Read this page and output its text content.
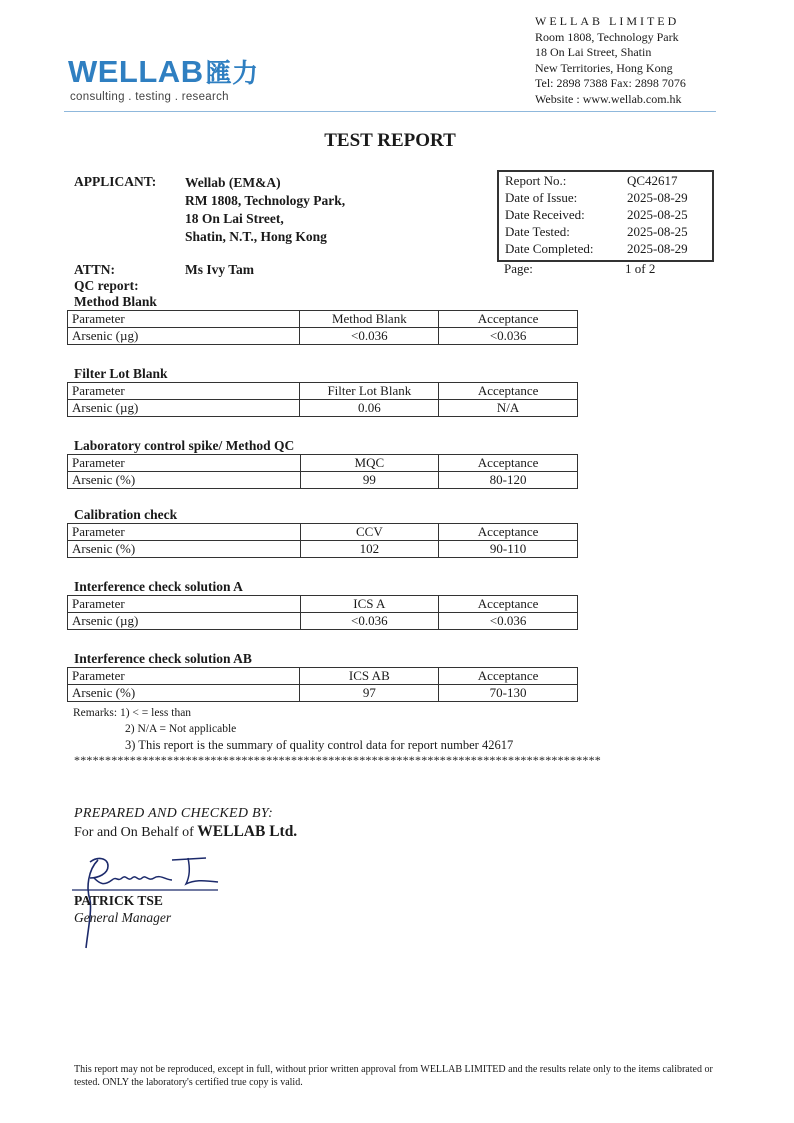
WELLAB匯力
consulting . testing . research
WELLAB LIMITED
Room 1808, Technology Park
18 On Lai Street, Shatin
New Territories, Hong Kong
Tel: 2898 7388 Fax: 2898 7076
Website : www.wellab.com.hk
TEST REPORT
APPLICANT: Wellab (EM&A)
RM 1808, Technology Park,
18 On Lai Street,
Shatin, N.T., Hong Kong
Report No.:	QC42617
Date of Issue:	2025-08-29
Date Received:	2025-08-25
Date Tested:	2025-08-25
Date Completed:	2025-08-29
Page:	1 of 2
ATTN:	Ms Ivy Tam
QC report:
Method Blank
Parameter	Method Blank	Acceptance
Arsenic (µg)	<0.036	<0.036
Filter Lot Blank
Parameter	Filter Lot Blank	Acceptance
Arsenic (µg)	0.06	N/A
Laboratory control spike/ Method QC
Parameter	MQC	Acceptance
Arsenic (%)	99	80-120
Calibration check
Parameter	CCV	Acceptance
Arsenic (%)	102	90-110
Interference check solution A
Parameter	ICS A	Acceptance
Arsenic (µg)	<0.036	<0.036
Interference check solution AB
Parameter	ICS AB	Acceptance
Arsenic (%)	97	70-130
Remarks: 1) < = less than
2) N/A = Not applicable
3) This report is the summary of quality control data for report number 42617
*************************************************************************************
PREPARED AND CHECKED BY:
For and On Behalf of WELLAB Ltd.
PATRICK TSE
General Manager
This report may not be reproduced, except in full, without prior written approval from WELLAB LIMITED and the results relate only to the items calibrated or tested. ONLY the laboratory's certified true copy is valid.
